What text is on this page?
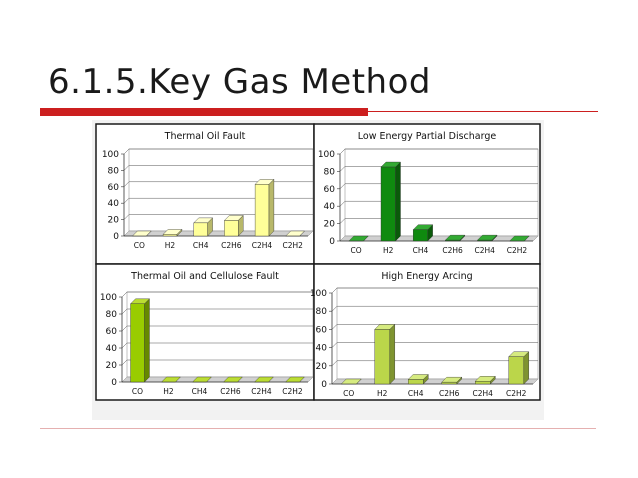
6.1.5.Key Gas Method
Thermal Oil Fault
0
20
40
60
80
100
CO	H2 CH4 C2H6 C2H4 C2H2
Low Energy Partial Discharge
0
20
40
60
80
100
CO	H2	CH4 C2H6 C2H4 C2H2
Thermal Oil and Cellulose Fault
0
20
40
60
80
100
CO	H2 CH4 C2H6 C2H4 C2H2
High Energy Arcing
0
20
40
60
80
100
CO	H2	CH4 C2H6 C2H4 C2H2
